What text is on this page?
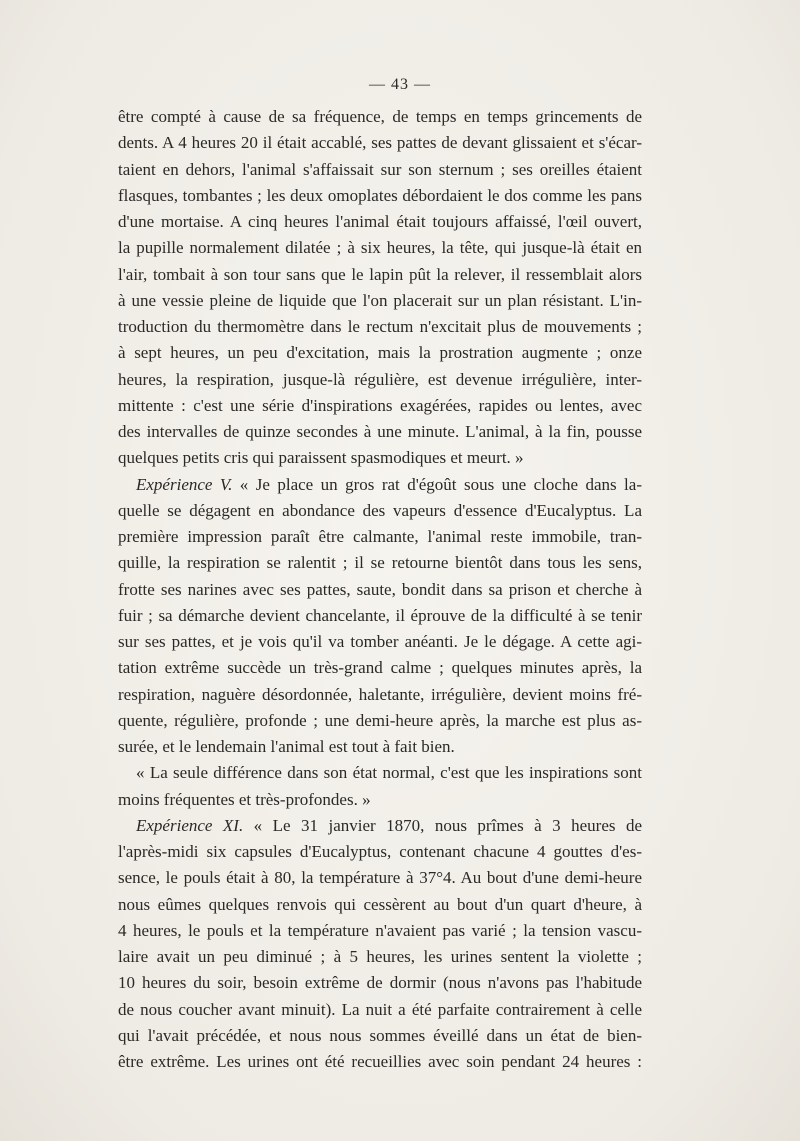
— 43 —
être compté à cause de sa fréquence, de temps en temps grincements de
dents. A 4 heures 20 il était accablé, ses pattes de devant glissaient et s'écar-
taient en dehors, l'animal s'affaissait sur son sternum ; ses oreilles étaient
flasques, tombantes ; les deux omoplates débordaient le dos comme les pans
d'une mortaise. A cinq heures l'animal était toujours affaissé, l'œil ouvert,
la pupille normalement dilatée ; à six heures, la tête, qui jusque-là était en
l'air, tombait à son tour sans que le lapin pût la relever, il ressemblait alors
à une vessie pleine de liquide que l'on placerait sur un plan résistant. L'in-
troduction du thermomètre dans le rectum n'excitait plus de mouvements ;
à sept heures, un peu d'excitation, mais la prostration augmente ; onze
heures, la respiration, jusque-là régulière, est devenue irrégulière, inter-
mittente : c'est une série d'inspirations exagérées, rapides ou lentes, avec
des intervalles de quinze secondes à une minute. L'animal, à la fin, pousse
quelques petits cris qui paraissent spasmodiques et meurt. »
Expérience V. « Je place un gros rat d'égoût sous une cloche dans la-
quelle se dégagent en abondance des vapeurs d'essence d'Eucalyptus. La
première impression paraît être calmante, l'animal reste immobile, tran-
quille, la respiration se ralentit ; il se retourne bientôt dans tous les sens,
frotte ses narines avec ses pattes, saute, bondit dans sa prison et cherche à
fuir ; sa démarche devient chancelante, il éprouve de la difficulté à se tenir
sur ses pattes, et je vois qu'il va tomber anéanti. Je le dégage. A cette agi-
tation extrême succède un très-grand calme ; quelques minutes après, la
respiration, naguère désordonnée, haletante, irrégulière, devient moins fré-
quente, régulière, profonde ; une demi-heure après, la marche est plus as-
surée, et le lendemain l'animal est tout à fait bien.
« La seule différence dans son état normal, c'est que les inspirations sont
moins fréquentes et très-profondes. »
Expérience XI. « Le 31 janvier 1870, nous prîmes à 3 heures de
l'après-midi six capsules d'Eucalyptus, contenant chacune 4 gouttes d'es-
sence, le pouls était à 80, la température à 37°4. Au bout d'une demi-heure
nous eûmes quelques renvois qui cessèrent au bout d'un quart d'heure, à
4 heures, le pouls et la température n'avaient pas varié ; la tension vascu-
laire avait un peu diminué ; à 5 heures, les urines sentent la violette ;
10 heures du soir, besoin extrême de dormir (nous n'avons pas l'habitude
de nous coucher avant minuit). La nuit a été parfaite contrairement à celle
qui l'avait précédée, et nous nous sommes éveillé dans un état de bien-
être extrême. Les urines ont été recueillies avec soin pendant 24 heures :
